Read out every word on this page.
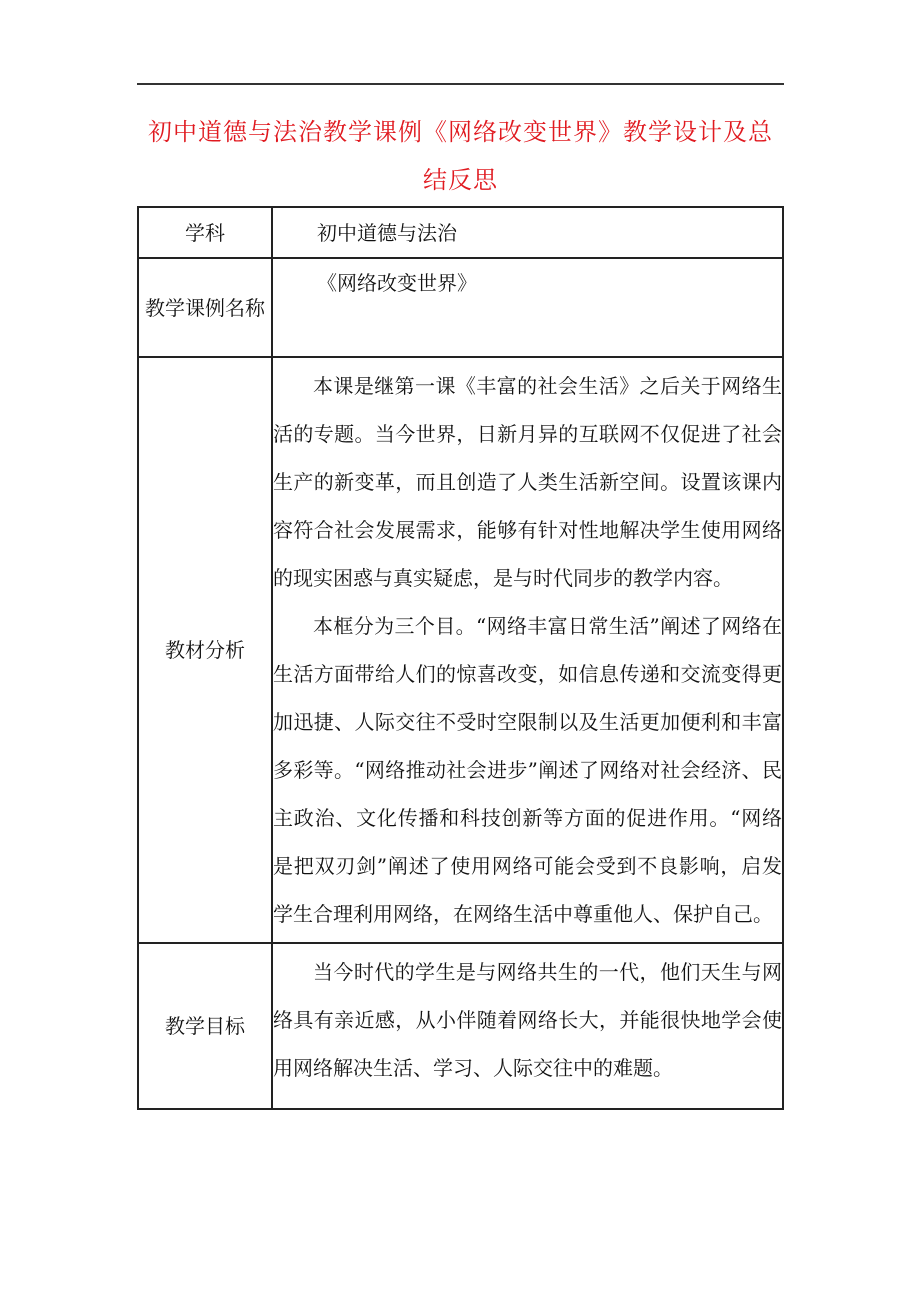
初中道德与法治教学课例《网络改变世界》教学设计及总结反思
学科	初中道德与法治

教学课例名称	《网络改变世界》

教材分析	本课是继第一课《丰富的社会生活》之后关于网络生活的专题。当今世界，日新月异的互联网不仅促进了社会生产的新变革，而且创造了人类生活新空间。设置该课内容符合社会发展需求，能够有针对性地解决学生使用网络的现实困惑与真实疑虑，是与时代同步的教学内容。

本框分为三个目。“网络丰富日常生活”阐述了网络在生活方面带给人们的惊喜改变，如信息传递和交流变得更加迅捷、人际交往不受时空限制以及生活更加便利和丰富多彩等。“网络推动社会进步”阐述了网络对社会经济、民主政治、文化传播和科技创新等方面的促进作用。“网络是把双刃剑”阐述了使用网络可能会受到不良影响，启发学生合理利用网络，在网络生活中尊重他人、保护自己。

教学目标	当今时代的学生是与网络共生的一代，他们天生与网络具有亲近感，从小伴随着网络长大，并能很快地学会使用网络解决生活、学习、人际交往中的难题。
